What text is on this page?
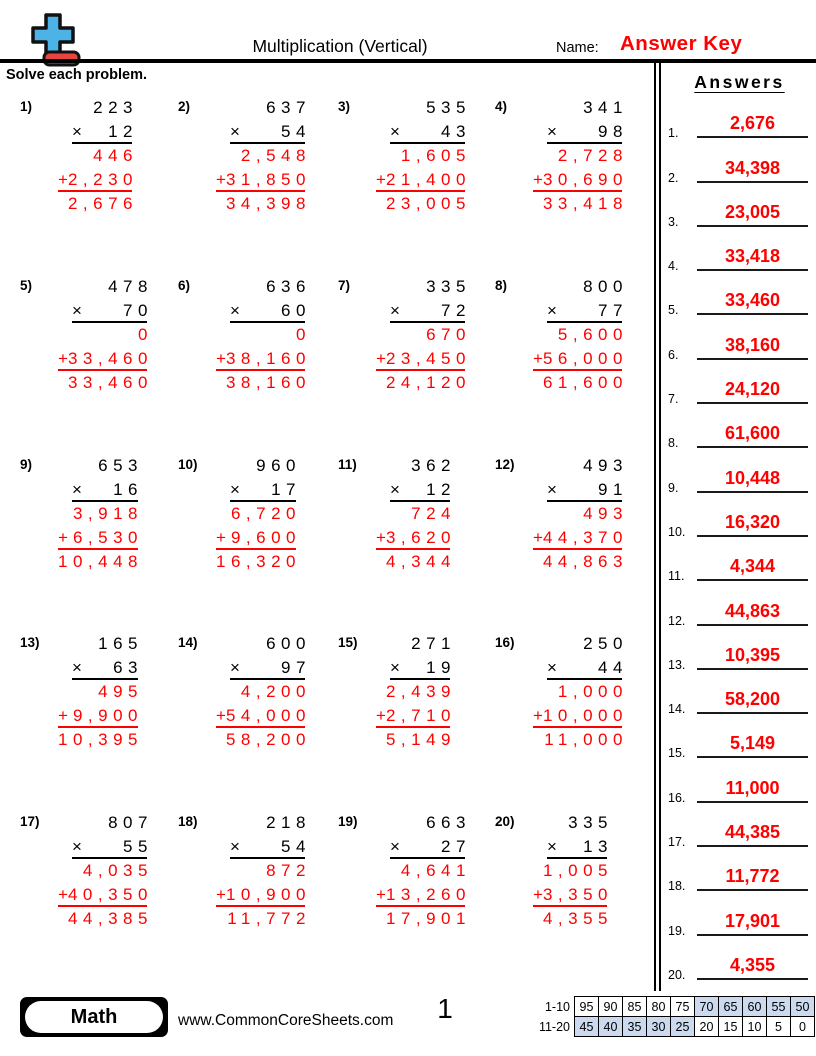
Multiplication (Vertical)	Name: Answer Key
Solve each problem.
1)	223
× 12
446
+ 2,230
2,676
2)	637
× 54
2,548
+ 31,850
34,398
3)	535
× 43
1,605
+ 21,400
23,005
4)	341
× 98
2,728
+ 30,690
33,418
5)	478
× 70
0
+ 33,460
33,460
6)	636
× 60
0
+ 38,160
38,160
7)	335
× 72
670
+ 23,450
24,120
8)	800
× 77
5,600
+ 56,000
61,600
9)	653
× 16
3,918
+ 6,530
10,448
10)	960
× 17
6,720
+ 9,600
16,320
11)	362
× 12
724
+ 3,620
4,344
12)	493
× 91
493
+ 44,370
44,863
13)	165
× 63
495
+ 9,900
10,395
14)	600
× 97
4,200
+ 54,000
58,200
15)	271
× 19
2,439
+ 2,710
5,149
16)	250
× 44
1,000
+ 10,000
11,000
17)	807
× 55
4,035
+ 40,350
44,385
18)	218
× 54
872
+ 10,900
11,772
19)	663
× 27
4,641
+ 13,260
17,901
20)	335
× 13
1,005
+ 3,350
4,355
Answers
1.	2,676
2.	34,398
3.	23,005
4.	33,418
5.	33,460
6.	38,160
7.	24,120
8.	61,600
9.	10,448
10.	16,320
11.	4,344
12.	44,863
13.	10,395
14.	58,200
15.	5,149
16.	11,000
17.	44,385
18.	11,772
19.	17,901
20.	4,355
Math	www.CommonCoreSheets.com	1	1-10	95	90	85	80	75	70	65	60	55	50
11-20	45	40	35	30	25	20	15	10	5	0
